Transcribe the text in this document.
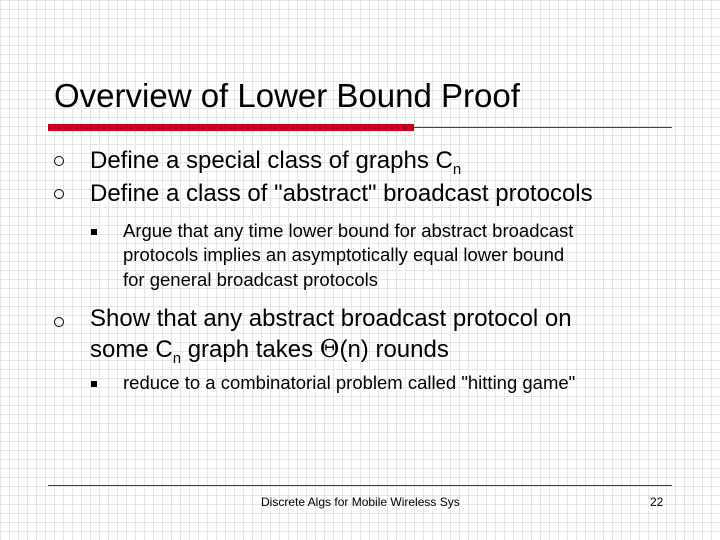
Overview of Lower Bound Proof
Define a special class of graphs $C_n$
Define a class of "abstract" broadcast protocols
Argue that any time lower bound for abstract broadcast
protocols implies an asymptotically equal lower bound
for general broadcast protocols
Show that any abstract broadcast protocol on
some $C_n$ graph takes Θ(n) rounds
reduce to a combinatorial problem called "hitting game"
Discrete Algs for Mobile Wireless Sys	22
